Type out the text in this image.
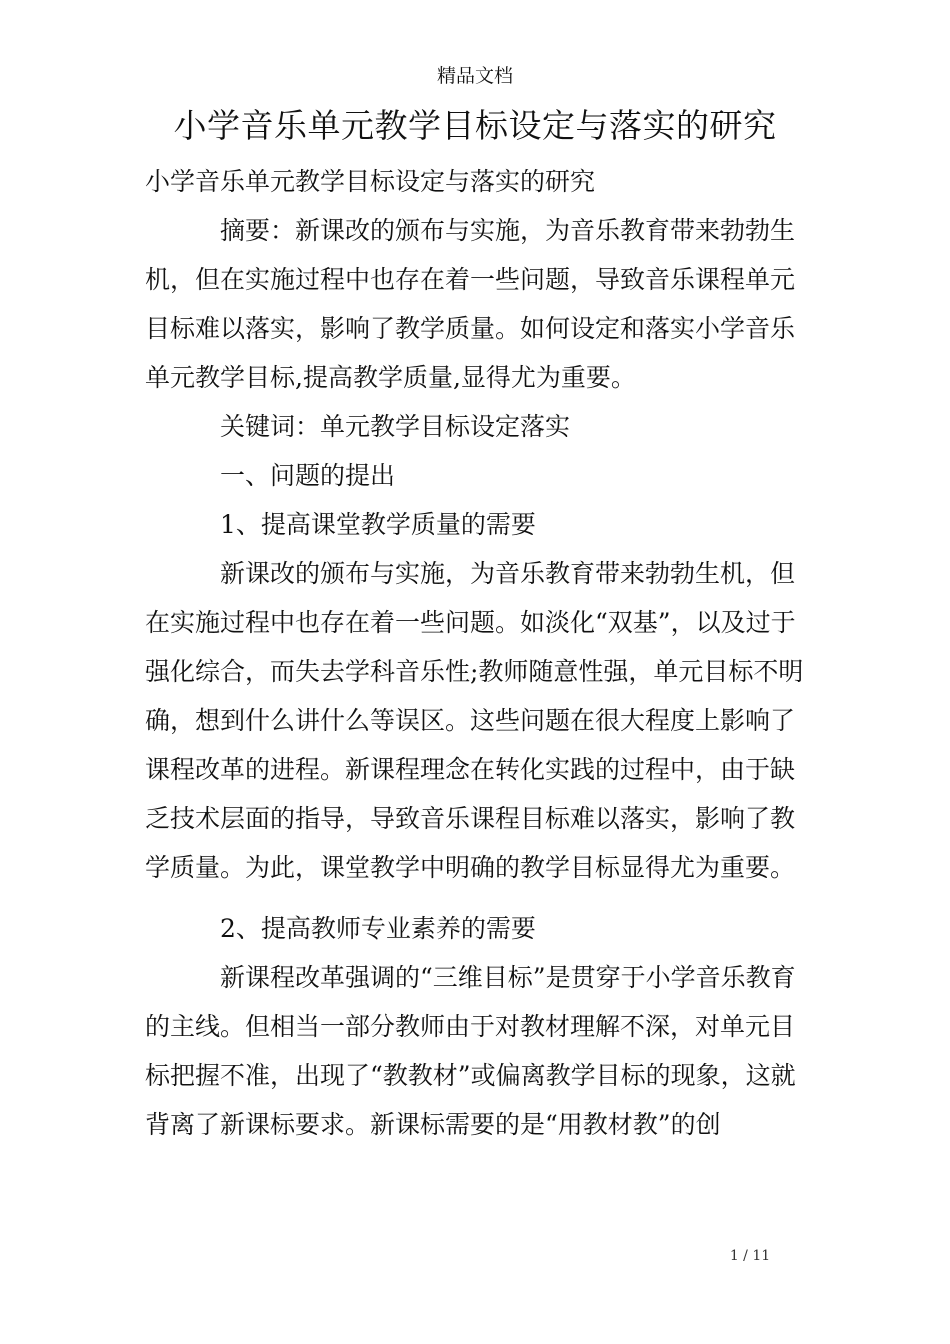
精品文档
小学音乐单元教学目标设定与落实的研究

小学音乐单元教学目标设定与落实的研究

摘要：新课改的颁布与实施，为音乐教育带来勃勃生机，但在实施过程中也存在着一些问题，导致音乐课程单元目标难以落实，影响了教学质量。如何设定和落实小学音乐单元教学目标,提高教学质量,显得尤为重要。

关键词：单元教学目标设定落实

一、问题的提出

1、提高课堂教学质量的需要

新课改的颁布与实施，为音乐教育带来勃勃生机，但在实施过程中也存在着一些问题。如淡化“双基”，以及过于强化综合，而失去学科音乐性;教师随意性强，单元目标不明确，想到什么讲什么等误区。这些问题在很大程度上影响了课程改革的进程。新课程理念在转化实践的过程中，由于缺乏技术层面的指导，导致音乐课程目标难以落实，影响了教学质量。为此，课堂教学中明确的教学目标显得尤为重要。

2、提高教师专业素养的需要

新课程改革强调的“三维目标”是贯穿于小学音乐教育的主线。但相当一部分教师由于对教材理解不深，对单元目标把握不准，出现了“教教材”或偏离教学目标的现象，这就背离了新课标要求。新课标需要的是“用教材教”的创

1 / 11
